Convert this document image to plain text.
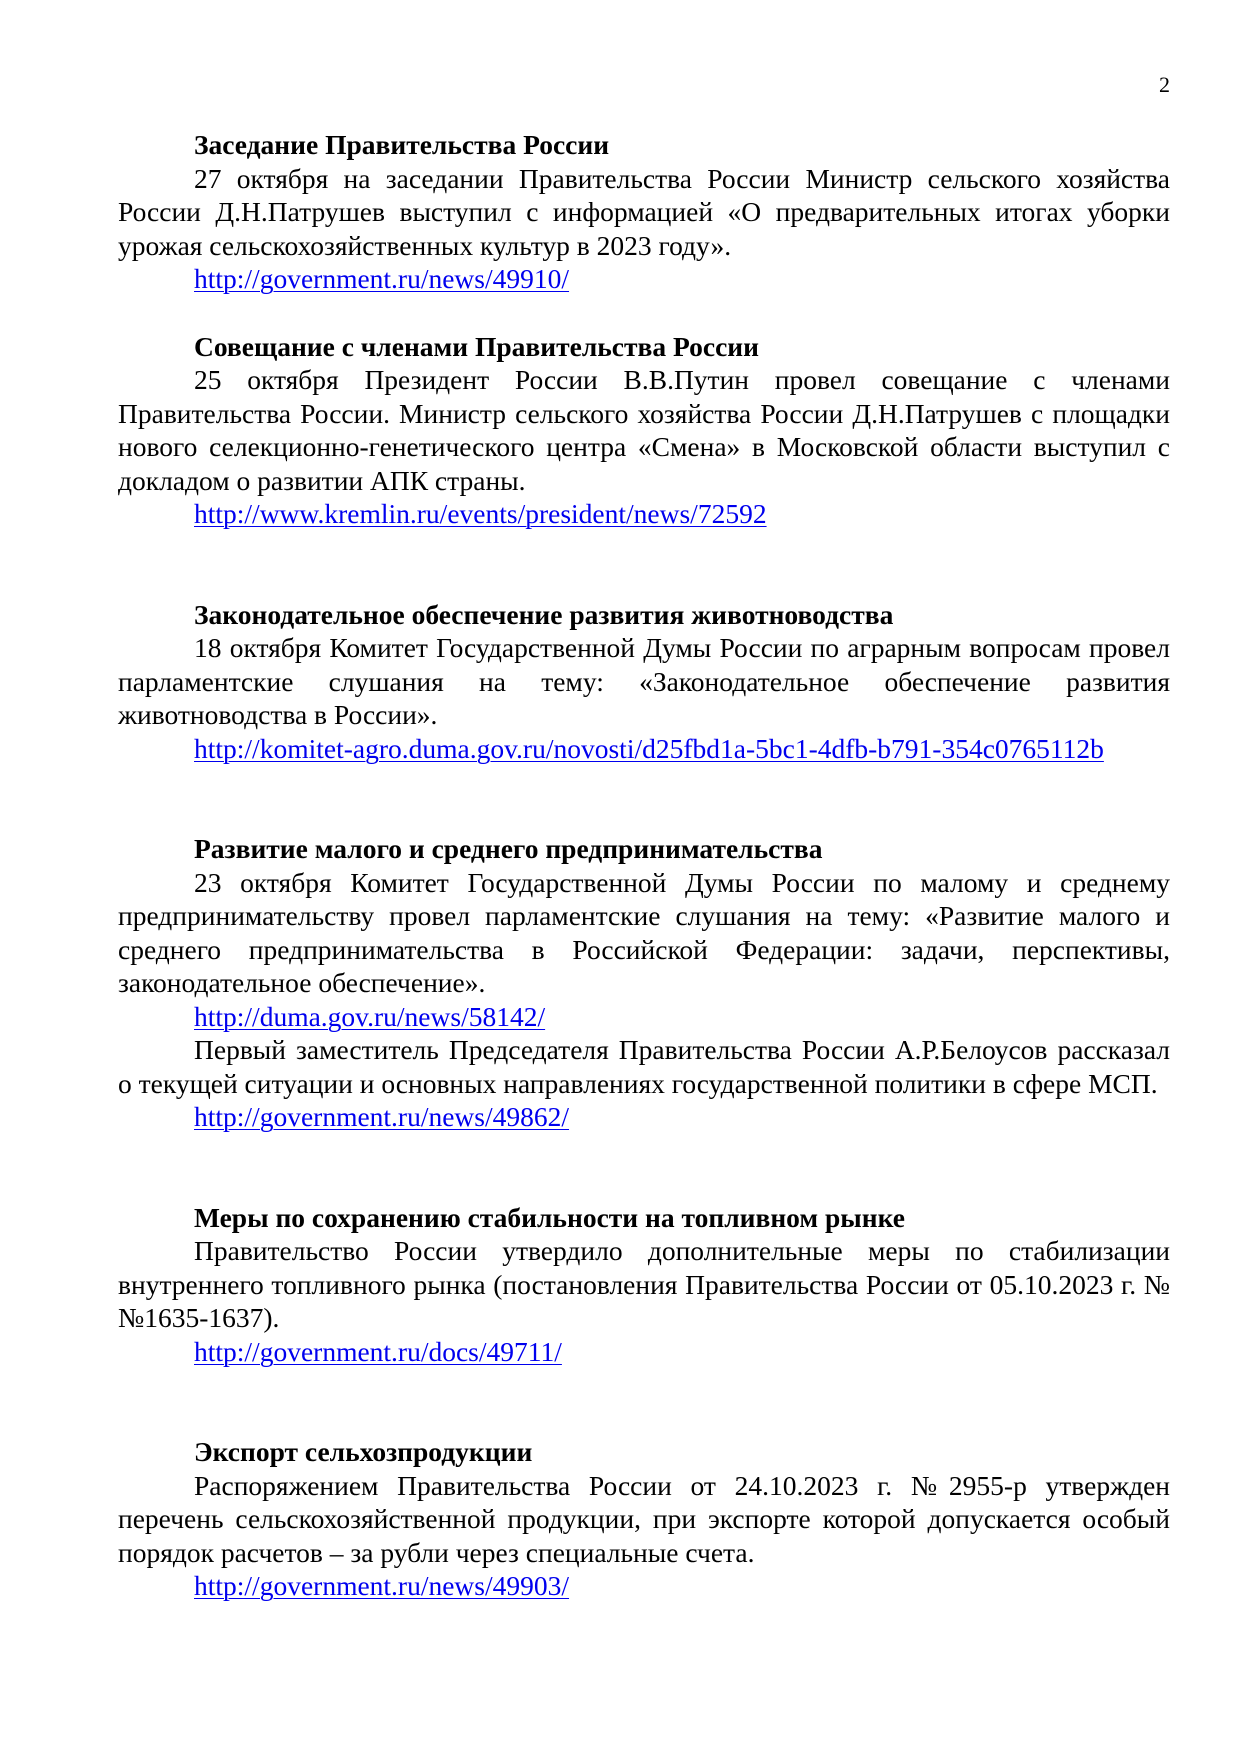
2

Заседание Правительства России

27 октября на заседании Правительства России Министр сельского хозяйства России Д.Н.Патрушев выступил с информацией «О предварительных итогах уборки урожая сельскохозяйственных культур в 2023 году».

http://government.ru/news/49910/

Совещание с членами Правительства России

25 октября Президент России В.В.Путин провел совещание с членами Правительства России. Министр сельского хозяйства России Д.Н.Патрушев с площадки нового селекционно-генетического центра «Смена» в Московской области выступил с докладом о развитии АПК страны.

http://www.kremlin.ru/events/president/news/72592

Законодательное обеспечение развития животноводства

18 октября Комитет Государственной Думы России по аграрным вопросам провел парламентские слушания на тему: «Законодательное обеспечение развития животноводства в России».

http://komitet-agro.duma.gov.ru/novosti/d25fbd1a-5bc1-4dfb-b791-354c0765112b

Развитие малого и среднего предпринимательства

23 октября Комитет Государственной Думы России по малому и среднему предпринимательству провел парламентские слушания на тему: «Развитие малого и среднего предпринимательства в Российской Федерации: задачи, перспективы, законодательное обеспечение».

http://duma.gov.ru/news/58142/

Первый заместитель Председателя Правительства России А.Р.Белоусов рассказал о текущей ситуации и основных направлениях государственной политики в сфере МСП.

http://government.ru/news/49862/

Меры по сохранению стабильности на топливном рынке

Правительство России утвердило дополнительные меры по стабилизации внутреннего топливного рынка (постановления Правительства России от 05.10.2023 г. №№1635-1637).

http://government.ru/docs/49711/

Экспорт сельхозпродукции

Распоряжением Правительства России от 24.10.2023 г. №2955-р утвержден перечень сельскохозяйственной продукции, при экспорте которой допускается особый порядок расчетов – за рубли через специальные счета.

http://government.ru/news/49903/
